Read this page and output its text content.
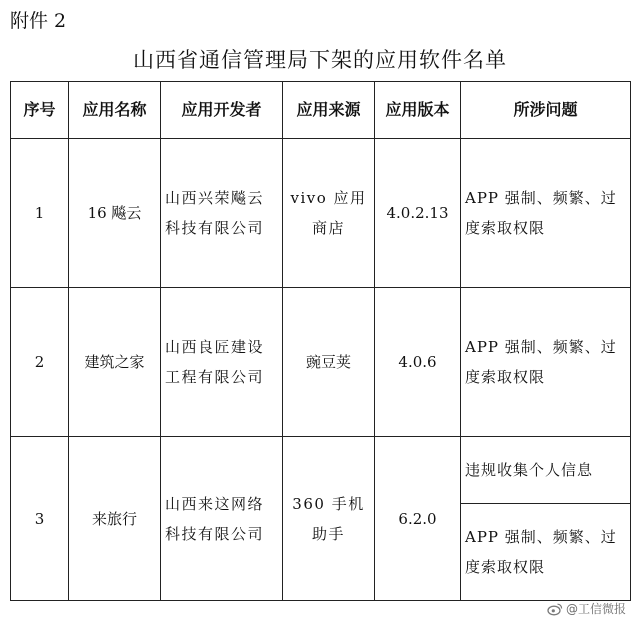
附件 2
山西省通信管理局下架的应用软件名单
序号	应用名称	应用开发者	应用来源	应用版本	所涉问题
1	16 飚云	山西兴荣飚云科技有限公司	vivo 应用商店	4.0.2.13	APP 强制、频繁、过度索取权限

2	建筑之家	山西良匠建设工程有限公司	豌豆荚	4.0.6	APP 强制、频繁、过度索取权限

3	来旅行	山西来这网络科技有限公司	360 手机助手	6.2.0	违规收集个人信息

					APP 强制、频繁、过度索取权限
@工信微报
